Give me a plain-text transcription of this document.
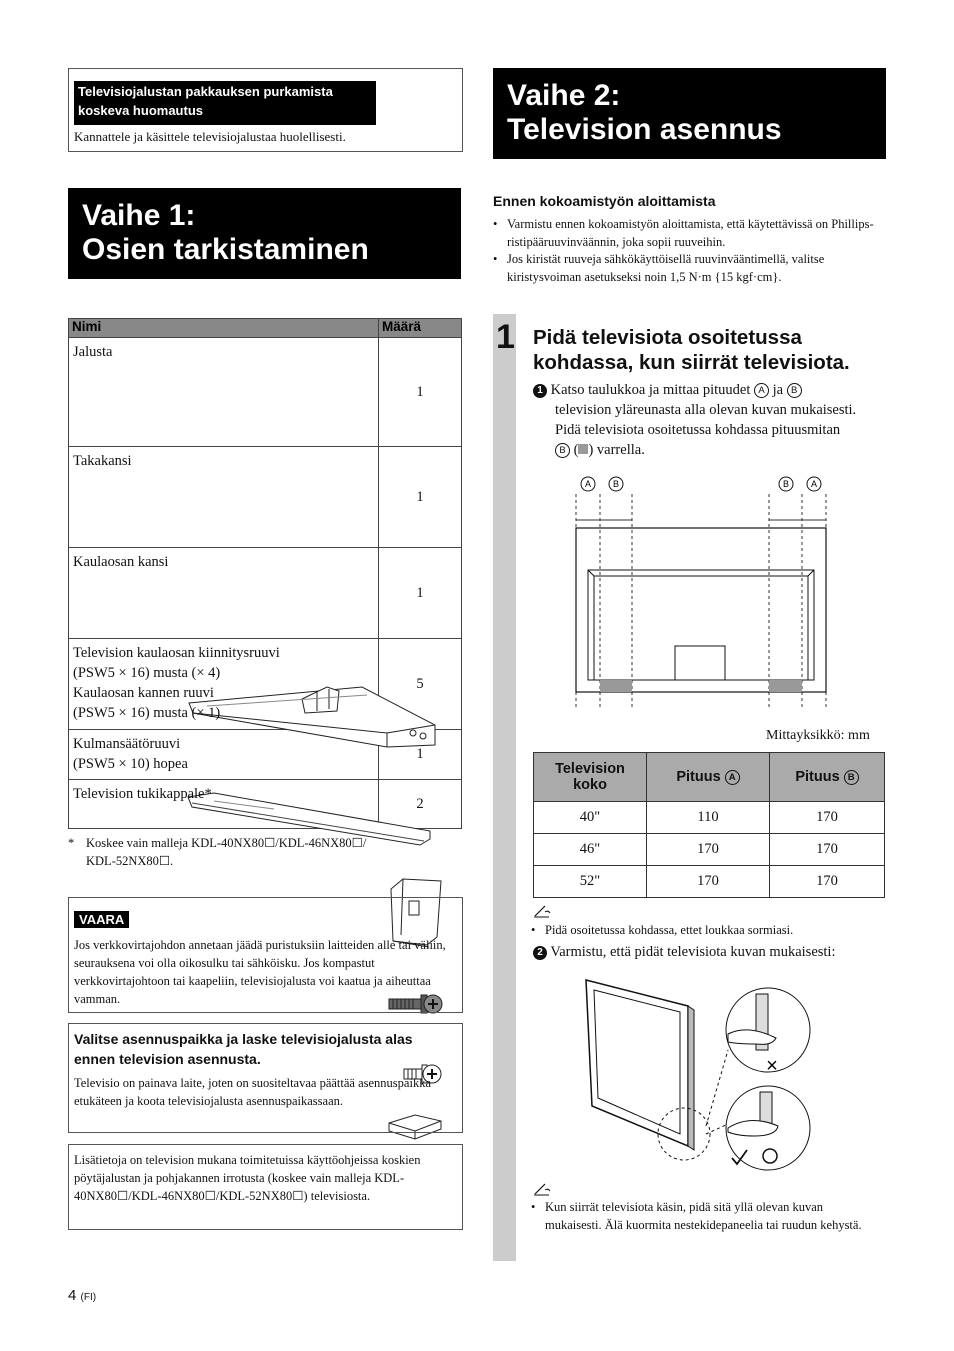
Televisiojalustan pakkauksen purkamista
koskeva huomautus
Kannattele ja käsittele televisiojalustaa huolellisesti.
Vaihe 1:
Osien tarkistaminen
Vaihe 2:
Television asennus
Nimi	Määrä

Jalusta	1

Takakansi	1

Kaulaosan kansi	1

Television kaulaosan kiinnitysruuvi
(PSW5 × 16) musta (× 4)
Kaulaosan kannen ruuvi
(PSW5 × 16) musta (× 1)	5

Kulmansäätöruuvi
(PSW5 × 10) hopea	1

Television tukikappale*	2
* Koskee vain malleja KDL-40NX80☐/KDL-46NX80☐/
KDL-52NX80☐.
VAARA
Jos verkkovirtajohdon annetaan jäädä puristuksiin laitteiden alle tai väliin, seurauksena voi olla oikosulku tai sähköisku. Jos kompastut verkkovirtajohtoon tai kaapeliin, televisiojalusta voi kaatua ja aiheuttaa vamman.
Valitse asennuspaikka ja laske televisiojalusta alas ennen television asennusta.
Televisio on painava laite, joten on suositeltavaa päättää asennuspaikka etukäteen ja koota televisiojalusta asennuspaikassaan.
Lisätietoja on television mukana toimitetuissa käyttöohjeissa koskien pöytäjalustan ja pohjakannen irrotusta (koskee vain malleja KDL-40NX80☐/KDL-46NX80☐/KDL-52NX80☐) televisiosta.
4 (FI)
Ennen kokoamistyön aloittamista
• Varmistu ennen kokoamistyön aloittamista, että käytettävissä on Phillips-ristipääruuvinväännin, joka sopii ruuveihin.
• Jos kiristät ruuveja sähkökäyttöisellä ruuvinvääntimellä, valitse kiristysvoiman asetukseksi noin 1,5 N·m {15 kgf·cm}.
1 Pidä televisiota osoitetussa
kohdassa, kun siirrät televisiota.
1 Katso taulukkoa ja mittaa pituudet A ja B
television yläreunasta alla olevan kuvan mukaisesti.
Pidä televisiota osoitetussa kohdassa pituusmitan
B ( ) varrella.
A B	B A
Mittayksikkö: mm
Television
koko	Pituus A	Pituus B
40"	110	170
46"	170	170
52"	170	170
• Pidä osoitetussa kohdassa, ettet loukkaa sormiasi.
2 Varmistu, että pidät televisiota kuvan mukaisesti:
×
• Kun siirrät televisiota käsin, pidä sitä yllä olevan kuvan mukaisesti. Älä kuormita nestekidepaneelia tai ruudun kehystä.
